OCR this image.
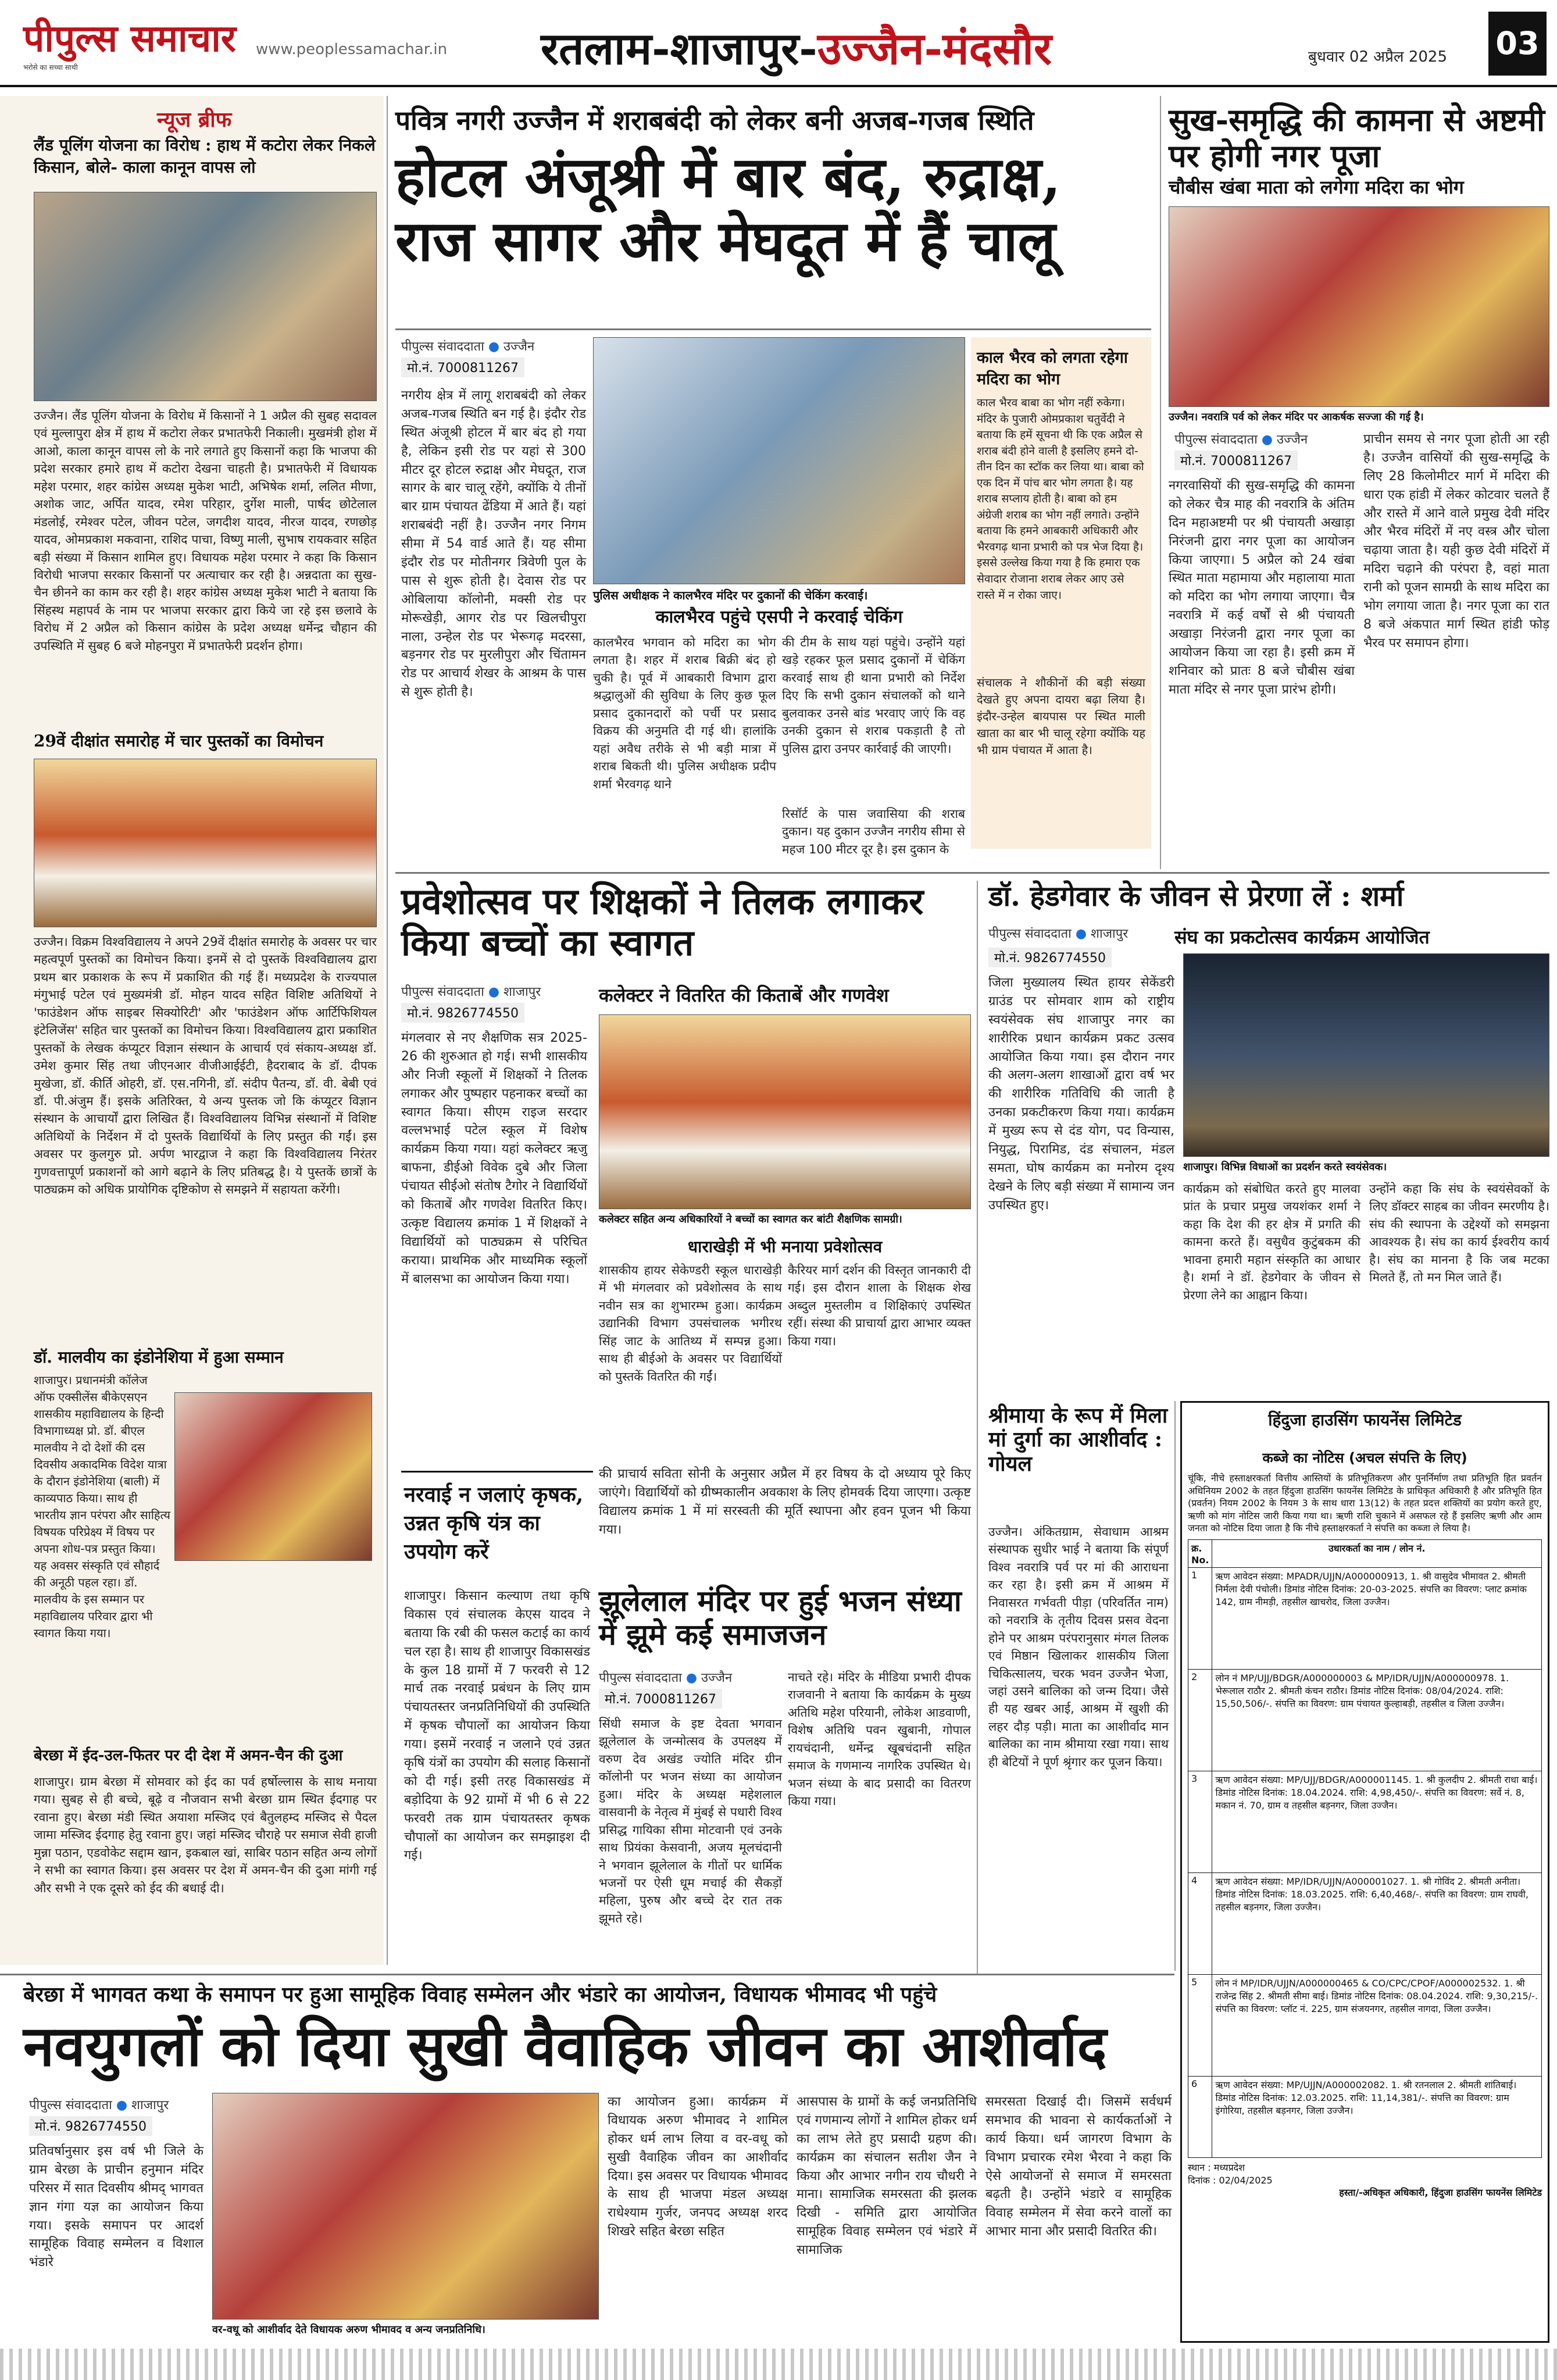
पीपुल्स समाचार
भरोसे का सच्चा साथी
www.peoplessamachar.in रतलाम-शाजापुर-उज्जैन-मंदसौर	बुधवार 02 अप्रैल 2025 03
न्यूज ब्रीफ
लैंड पूलिंग योजना का विरोध : हाथ में कटोरा लेकर निकले किसान, बोले- काला कानून वापस लो
उज्जैन। लैंड पूलिंग योजना के विरोध में किसानों ने 1 अप्रैल की सुबह सदावल एवं मुल्लापुरा क्षेत्र में हाथ में कटोरा लेकर प्रभातफेरी निकाली। मुखमंत्री होश में आओ, काला कानून वापस लो के नारे लगाते हुए किसानों कहा कि भाजपा की प्रदेश सरकार हमारे हाथ में कटोरा देखना चाहती है। प्रभातफेरी में विधायक महेश परमार, शहर कांग्रेस अध्यक्ष मुकेश भाटी, अभिषेक शर्मा, ललित मीणा, अशोक जाट, अर्पित यादव, रमेश परिहार, दुर्गेश माली, पार्षद छोटेलाल मंडलोई, रमेश्वर पटेल, जीवन पटेल, जगदीश यादव, नीरज यादव, रणछोड़ यादव, ओमप्रकाश मकवाना, राशिद पाचा, विष्णु माली, सुभाष रायकवार सहित बड़ी संख्या में किसान शामिल हुए। विधायक महेश परमार ने कहा कि किसान विरोधी भाजपा सरकार किसानों पर अत्याचार कर रही है। अन्नदाता का सुख-चैन छीनने का काम कर रही है। शहर कांग्रेस अध्यक्ष मुकेश भाटी ने बताया कि सिंहस्थ महापर्व के नाम पर भाजपा सरकार द्वारा किये जा रहे इस छलावे के विरोध में 2 अप्रैल को किसान कांग्रेस के प्रदेश अध्यक्ष धर्मेन्द्र चौहान की उपस्थिति में सुबह 6 बजे मोहनपुरा में प्रभातफेरी प्रदर्शन होगा।
29वें दीक्षांत समारोह में चार पुस्तकों का विमोचन
उज्जैन। विक्रम विश्वविद्यालय ने अपने 29वें दीक्षांत समारोह के अवसर पर चार महत्वपूर्ण पुस्तकों का विमोचन किया। इनमें से दो पुस्तकें विश्वविद्यालय द्वारा प्रथम बार प्रकाशक के रूप में प्रकाशित की गई हैं। मध्यप्रदेश के राज्यपाल मंगुभाई पटेल एवं मुख्यमंत्री डॉ. मोहन यादव सहित विशिष्ट अतिथियों ने 'फाउंडेशन ऑफ साइबर सिक्योरिटी' और 'फाउंडेशन ऑफ आर्टिफिशियल इंटेलिजेंस' सहित चार पुस्तकों का विमोचन किया। विश्वविद्यालय द्वारा प्रकाशित पुस्तकों के लेखक कंप्यूटर विज्ञान संस्थान के आचार्य एवं संकाय-अध्यक्ष डॉ. उमेश कुमार सिंह तथा जीएनआर वीजीआईईटी, हैदराबाद के डॉ. दीपक मुखेजा, डॉ. कीर्ति ओहरी, डॉ. एस.नगिनी, डॉ. संदीप पैतन्य, डॉ. वी. बेबी एवं डॉ. पी.अंजुम हैं। इसके अतिरिक्त, ये अन्य पुस्तक जो कि कंप्यूटर विज्ञान संस्थान के आचार्यों द्वारा लिखित हैं। विश्वविद्यालय विभिन्न संस्थानों में विशिष्ट अतिथियों के निर्देशन में दो पुस्तकें विद्यार्थियों के लिए प्रस्तुत की गईं। इस अवसर पर कुलगुरु प्रो. अर्पण भारद्वाज ने कहा कि विश्वविद्यालय निरंतर गुणवत्तापूर्ण प्रकाशनों को आगे बढ़ाने के लिए प्रतिबद्ध है। ये पुस्तकें छात्रों के पाठ्यक्रम को अधिक प्रायोगिक दृष्टिकोण से समझने में सहायता करेंगी।
डॉ. मालवीय का इंडोनेशिया में हुआ सम्मान
शाजापुर। प्रधानमंत्री कॉलेज ऑफ एक्सीलेंस बीकेएसएन शासकीय महाविद्यालय के हिन्दी विभागाध्यक्ष प्रो. डॉ. बीएल मालवीय ने दो देशों की दस दिवसीय अकादमिक विदेश यात्रा के दौरान इंडोनेशिया (बाली) में काव्यपाठ किया। साथ ही भारतीय ज्ञान परंपरा और साहित्य विषयक परिप्रेक्ष्य में विषय पर अपना शोध-पत्र प्रस्तुत किया। यह अवसर संस्कृति एवं सौहार्द की अनूठी पहल रहा। डॉ. मालवीय के इस सम्मान पर महाविद्यालय परिवार द्वारा भी स्वागत किया गया।
बेरछा में ईद-उल-फितर पर दी देश में अमन-चैन की दुआ
शाजापुर। ग्राम बेरछा में सोमवार को ईद का पर्व हर्षोल्लास के साथ मनाया गया। सुबह से ही बच्चे, बूढ़े व नौजवान सभी बेरछा ग्राम स्थित ईदगाह पर रवाना हुए। बेरछा मंडी स्थित अयाशा मस्जिद एवं बैतुलहम्द मस्जिद से पैदल जामा मस्जिद ईदगाह हेतु रवाना हुए। जहां मस्जिद चौराहे पर समाज सेवी हाजी मुन्ना पठान, एडवोकेट सद्दाम खान, इकबाल खां, साबिर पठान सहित अन्य लोगों ने सभी का स्वागत किया। इस अवसर पर देश में अमन-चैन की दुआ मांगी गई और सभी ने एक दूसरे को ईद की बधाई दी।
पवित्र नगरी उज्जैन में शराबबंदी को लेकर बनी अजब-गजब स्थिति
होटल अंजूश्री में बार बंद, रुद्राक्ष, राज सागर और मेघदूत में हैं चालू
पीपुल्स संवाददाता ● उज्जैन
मो.नं. 7000811267
नगरीय क्षेत्र में लागू शराबबंदी को लेकर अजब-गजब स्थिति बन गई है। इंदौर रोड स्थित अंजूश्री होटल में बार बंद हो गया है, लेकिन इसी रोड पर यहां से 300 मीटर दूर होटल रुद्राक्ष और मेघदूत, राज सागर के बार चालू रहेंगे, क्योंकि ये तीनों बार ग्राम पंचायत ढेंडिया में आते हैं। यहां शराबबंदी नहीं है। उज्जैन नगर निगम सीमा में 54 वार्ड आते हैं। यह सीमा इंदौर रोड पर मोतीनगर त्रिवेणी पुल के पास से शुरू होती है। देवास रोड पर ओबिलाया कॉलोनी, मक्सी रोड पर मोरूखेड़ी, आगर रोड पर खिलचीपुरा नाला, उन्हेल रोड पर भेरूगढ़ मदरसा, बड़नगर रोड पर मुरलीपुरा और चिंतामन रोड पर आचार्य शेखर के आश्रम के पास से शुरू होती है।
पुलिस अधीक्षक ने कालभैरव मंदिर पर दुकानों की चेकिंग करवाई।
कालभैरव पहुंचे एसपी ने करवाई चेकिंग
कालभैरव भगवान को मदिरा का भोग लगता है। शहर में शराब बिक्री बंद हो चुकी है। पूर्व में आबकारी विभाग द्वारा श्रद्धालुओं की सुविधा के लिए कुछ फूल प्रसाद दुकानदारों को पर्ची पर प्रसाद विक्रय की अनुमति दी गई थी। हालांकि यहां अवैध तरीके से भी बड़ी मात्रा में शराब बिकती थी। पुलिस अधीक्षक प्रदीप शर्मा भैरवगढ़ थाने
की टीम के साथ यहां पहुंचे। उन्होंने यहां खड़े रहकर फूल प्रसाद दुकानों में चेकिंग करवाई साथ ही थाना प्रभारी को निर्देश दिए कि सभी दुकान संचालकों को थाने बुलवाकर उनसे बांड भरवाए जाएं कि वह उनकी दुकान से शराब पकड़ाती है तो पुलिस द्वारा उनपर कार्रवाई की जाएगी।
रिसॉर्ट के पास जवासिया की शराब दुकान। यह दुकान उज्जैन नगरीय सीमा से महज 100 मीटर दूर है। इस दुकान के
काल भैरव को लगता रहेगा मदिरा का भोग
काल भैरव बाबा का भोग नहीं रुकेगा। मंदिर के पुजारी ओमप्रकाश चतुर्वेदी ने बताया कि हमें सूचना थी कि एक अप्रैल से शराब बंदी होने वाली है इसलिए हमने दो-तीन दिन का स्टॉक कर लिया था। बाबा को एक दिन में पांच बार भोग लगता है। यह शराब सप्लाय होती है। बाबा को हम अंग्रेजी शराब का भोग नहीं लगाते। उन्होंने बताया कि हमने आबकारी अधिकारी और भैरवगढ़ थाना प्रभारी को पत्र भेज दिया है। इससे उल्लेख किया गया है कि हमारा एक सेवादार रोजाना शराब लेकर आए उसे रास्ते में न रोका जाए।
संचालक ने शौकीनों की बड़ी संख्या देखते हुए अपना दायरा बढ़ा लिया है। इंदौर-उन्हेल बायपास पर स्थित माली खाता का बार भी चालू रहेगा क्योंकि यह भी ग्राम पंचायत में आता है।
सुख-समृद्धि की कामना से अष्टमी पर होगी नगर पूजा
चौबीस खंबा माता को लगेगा मदिरा का भोग
उज्जैन। नवरात्रि पर्व को लेकर मंदिर पर आकर्षक सज्जा की गई है।
पीपुल्स संवाददाता ● उज्जैन
मो.नं. 7000811267
नगरवासियों की सुख-समृद्धि की कामना को लेकर चैत्र माह की नवरात्रि के अंतिम दिन महाअष्टमी पर श्री पंचायती अखाड़ा निरंजनी द्वारा नगर पूजा का आयोजन किया जाएगा। 5 अप्रैल को 24 खंबा स्थित माता महामाया और महालाया माता को मदिरा का भोग लगाया जाएगा। चैत्र नवरात्रि में कई वर्षों से श्री पंचायती अखाड़ा निरंजनी द्वारा नगर पूजा का आयोजन किया जा रहा है। इसी क्रम में शनिवार को प्रातः 8 बजे चौबीस खंबा माता मंदिर से नगर पूजा प्रारंभ होगी।
प्राचीन समय से नगर पूजा होती आ रही है। उज्जैन वासियों की सुख-समृद्धि के लिए 28 किलोमीटर मार्ग में मदिरा की धारा एक हांडी में लेकर कोटवार चलते हैं और रास्ते में आने वाले प्रमुख देवी मंदिर और भैरव मंदिरों में नए वस्त्र और चोला चढ़ाया जाता है। यही कुछ देवी मंदिरों में मदिरा चढ़ाने की परंपरा है, वहां माता रानी को पूजन सामग्री के साथ मदिरा का भोग लगाया जाता है। नगर पूजा का रात 8 बजे अंकपात मार्ग स्थित हांडी फोड़ भैरव पर समापन होगा।
प्रवेशोत्सव पर शिक्षकों ने तिलक लगाकर किया बच्चों का स्वागत
पीपुल्स संवाददाता ● शाजापुर	कलेक्टर ने वितरित की किताबें और गणवेश
मो.नं. 9826774550
मंगलवार से नए शैक्षणिक सत्र 2025-26 की शुरुआत हो गई। सभी शासकीय और निजी स्कूलों में शिक्षकों ने तिलक लगाकर और पुष्पहार पहनाकर बच्चों का स्वागत किया। सीएम राइज सरदार वल्लभभाई पटेल स्कूल में विशेष कार्यक्रम किया गया। यहां कलेक्टर ऋजु बाफना, डीईओ विवेक दुबे और जिला पंचायत सीईओ संतोष टैगोर ने विद्यार्थियों को किताबें और गणवेश वितरित किए। उत्कृष्ट विद्यालय क्रमांक 1 में शिक्षकों ने विद्यार्थियों को पाठ्यक्रम से परिचित कराया। प्राथमिक और माध्यमिक स्कूलों में बालसभा का आयोजन किया गया।
कलेक्टर सहित अन्य अधिकारियों ने बच्चों का स्वागत कर बांटी शैक्षणिक सामग्री।
धाराखेड़ी में भी मनाया प्रवेशोत्सव
शासकीय हायर सेकेण्डरी स्कूल धाराखेड़ी में भी मंगलवार को प्रवेशोत्सव के साथ नवीन सत्र का शुभारम्भ हुआ। कार्यक्रम उद्यानिकी विभाग उपसंचालक भगीरथ सिंह जाट के आतिथ्य में सम्पन्न हुआ। साथ ही बीईओ के अवसर पर विद्यार्थियों को पुस्तकें वितरित की गईं।
कैरियर मार्ग दर्शन की विस्तृत जानकारी दी गई। इस दौरान शाला के शिक्षक शेख अब्दुल मुस्तलीम व शिक्षिकाएं उपस्थित रहीं। संस्था की प्राचार्या द्वारा आभार व्यक्त किया गया।
की प्राचार्य सविता सोनी के अनुसार अप्रैल में हर विषय के दो अध्याय पूरे किए जाएंगे। विद्यार्थियों को ग्रीष्मकालीन अवकाश के लिए होमवर्क दिया जाएगा। उत्कृष्ट विद्यालय क्रमांक 1 में मां सरस्वती की मूर्ति स्थापना और हवन पूजन भी किया गया।
नरवाई न जलाएं कृषक, उन्नत कृषि यंत्र का उपयोग करें
शाजापुर। किसान कल्याण तथा कृषि विकास एवं संचालक केएस यादव ने बताया कि रबी की फसल कटाई का कार्य चल रहा है। साथ ही शाजापुर विकासखंड के कुल 18 ग्रामों में 7 फरवरी से 12 मार्च तक नरवाई प्रबंधन के लिए ग्राम पंचायतस्तर जनप्रतिनिधियों की उपस्थिति में कृषक चौपालों का आयोजन किया गया। इसमें नरवाई न जलाने एवं उन्नत कृषि यंत्रों का उपयोग की सलाह किसानों को दी गई। इसी तरह विकासखंड में बड़ोदिया के 92 ग्रामों में भी 6 से 22 फरवरी तक ग्राम पंचायतस्तर कृषक चौपालों का आयोजन कर समझाइश दी गई।
झूलेलाल मंदिर पर हुई भजन संध्या में झूमे कई समाजजन
पीपुल्स संवाददाता ● उज्जैन
मो.नं. 7000811267
सिंधी समाज के इष्ट देवता भगवान झूलेलाल के जन्मोत्सव के उपलक्ष्य में वरुण देव अखंड ज्योति मंदिर ग्रीन कॉलोनी पर भजन संध्या का आयोजन हुआ। मंदिर के अध्यक्ष महेशलाल वासवानी के नेतृत्व में मुंबई से पधारी विश्व प्रसिद्ध गायिका सीमा मोटवानी एवं उनके साथ प्रियंका केसवानी, अजय मूलचंदानी ने भगवान झूलेलाल के गीतों पर धार्मिक भजनों पर ऐसी धूम मचाई की सैकड़ों महिला, पुरुष और बच्चे देर रात तक झूमते रहे।
नाचते रहे। मंदिर के मीडिया प्रभारी दीपक राजवानी ने बताया कि कार्यक्रम के मुख्य अतिथि महेश परियानी, लोकेश आडवाणी, विशेष अतिथि पवन खुबानी, गोपाल रायचंदानी, धर्मेन्द्र खूबचंदानी सहित समाज के गणमान्य नागरिक उपस्थित थे। भजन संध्या के बाद प्रसादी का वितरण किया गया।
डॉ. हेडगेवार के जीवन से प्रेरणा लें : शर्मा
पीपुल्स संवाददाता ● शाजापुर संघ का प्रकटोत्सव कार्यक्रम आयोजित
मो.नं. 9826774550
जिला मुख्यालय स्थित हायर सेकेंडरी ग्राउंड पर सोमवार शाम को राष्ट्रीय स्वयंसेवक संघ शाजापुर नगर का शारीरिक प्रधान कार्यक्रम प्रकट उत्सव आयोजित किया गया। इस दौरान नगर की अलग-अलग शाखाओं द्वारा वर्ष भर की शारीरिक गतिविधि की जाती है उनका प्रकटीकरण किया गया। कार्यक्रम में मुख्य रूप से दंड योग, पद विन्यास, नियुद्ध, पिरामिड, दंड संचालन, मंडल समता, घोष कार्यक्रम का मनोरम दृश्य देखने के लिए बड़ी संख्या में सामान्य जन उपस्थित हुए।
शाजापुर। विभिन्न विधाओं का प्रदर्शन करते स्वयंसेवक।
कार्यक्रम को संबोधित करते हुए मालवा प्रांत के प्रचार प्रमुख जयशंकर शर्मा ने कहा कि देश की हर क्षेत्र में प्रगति की कामना करते हैं। वसुधैव कुटुंबकम की भावना हमारी महान संस्कृति का आधार है। शर्मा ने डॉ. हेडगेवार के जीवन से प्रेरणा लेने का आह्वान किया।
उन्होंने कहा कि संघ के स्वयंसेवकों के लिए डॉक्टर साहब का जीवन स्मरणीय है। संघ की स्थापना के उद्देश्यों को समझना आवश्यक है। संघ का कार्य ईश्वरीय कार्य है। संघ का मानना है कि जब मटका मिलते हैं, तो मन मिल जाते हैं।
श्रीमाया के रूप में मिला मां दुर्गा का आशीर्वाद : गोयल
उज्जैन। अंकितग्राम, सेवाधाम आश्रम संस्थापक सुधीर भाई ने बताया कि संपूर्ण विश्व नवरात्रि पर्व पर मां की आराधना कर रहा है। इसी क्रम में आश्रम में निवासरत गर्भवती पीड़ा (परिवर्तित नाम) को नवरात्रि के तृतीय दिवस प्रसव वेदना होने पर आश्रम परंपरानुसार मंगल तिलक एवं मिष्ठान खिलाकर शासकीय जिला चिकित्सालय, चरक भवन उज्जैन भेजा, जहां उसने बालिका को जन्म दिया। जैसे ही यह खबर आई, आश्रम में खुशी की लहर दौड़ पड़ी। माता का आशीर्वाद मान बालिका का नाम श्रीमाया रखा गया। साथ ही बेटियों ने पूर्ण श्रृंगार कर पूजन किया।
हिंदुजा हाउसिंग फायनेंस लिमिटेड
कब्जे का नोटिस (अचल संपत्ति के लिए)
चूंकि, नीचे हस्ताक्षरकर्ता वित्तीय आस्तियों के प्रतिभूतिकरण और पुनर्निर्माण तथा प्रतिभूति हित प्रवर्तन अधिनियम 2002 के तहत हिंदुजा हाउसिंग फायनेंस लिमिटेड के प्राधिकृत अधिकारी है और प्रतिभूति हित (प्रवर्तन) नियम 2002 के नियम 3 के साथ धारा 13(12) के तहत प्रदत्त शक्तियों का प्रयोग करते हुए, ऋणी को मांग नोटिस जारी किया गया था। ऋणी राशि चुकाने में असफल रहे हैं इसलिए ऋणी और आम जनता को नोटिस दिया जाता है कि नीचे हस्ताक्षरकर्ता ने संपत्ति का कब्जा ले लिया है।
क्र. No.	उधारकर्ता का नाम / लोन नं.
1	ऋण आवेदन संख्या: MPADR/UJJN/A000000913, 1. श्री वासुदेव भीमावत 2. श्रीमती निर्मला देवी पंचोली। डिमांड नोटिस दिनांक: 20-03-2025. संपत्ति का विवरण: प्लाट क्रमांक 142, ग्राम नीमड़ी, तहसील खाचरोद, जिला उज्जैन।
2	लोन नं MP/UJJ/BDGR/A000000003 & MP/IDR/UJJN/A000000978. 1. भेरूलाल राठौर 2. श्रीमती कंचन राठौर। डिमांड नोटिस दिनांक: 08/04/2024. राशि: 15,50,506/-. संपत्ति का विवरण: ग्राम पंचायत कुल्हाबड़ी, तहसील व जिला उज्जैन।
3	ऋण आवेदन संख्या: MP/UJJ/BDGR/A000001145. 1. श्री कुलदीप 2. श्रीमती राधा बाई। डिमांड नोटिस दिनांक: 18.04.2024. राशि: 4,98,450/-. संपत्ति का विवरण: सर्वे नं. 8, मकान नं. 70, ग्राम व तहसील बड़नगर, जिला उज्जैन।
4	ऋण आवेदन संख्या: MP/IDR/UJJN/A000001027. 1. श्री गोविंद 2. श्रीमती अनीता। डिमांड नोटिस दिनांक: 18.03.2025. राशि: 6,40,468/-. संपत्ति का विवरण: ग्राम राघवी, तहसील बड़नगर, जिला उज्जैन।
5	लोन नं MP/IDR/UJJN/A000000465 & CO/CPC/CPOF/A000002532. 1. श्री राजेन्द्र सिंह 2. श्रीमती सीमा बाई। डिमांड नोटिस दिनांक: 08.04.2024. राशि: 9,30,215/-. संपत्ति का विवरण: प्लॉट नं. 225, ग्राम संजयनगर, तहसील नागदा, जिला उज्जैन।
6	ऋण आवेदन संख्या: MP/UJJN/A000002082. 1. श्री रतनलाल 2. श्रीमती शांतिबाई। डिमांड नोटिस दिनांक: 12.03.2025. राशि: 11,14,381/-. संपत्ति का विवरण: ग्राम इंगोरिया, तहसील बड़नगर, जिला उज्जैन।
स्थान : मध्यप्रदेश
दिनांक : 02/04/2025
हस्ता/-अधिकृत अधिकारी, हिंदुजा हाउसिंग फायनेंस लिमिटेड
बेरछा में भागवत कथा के समापन पर हुआ सामूहिक विवाह सम्मेलन और भंडारे का आयोजन, विधायक भीमावद भी पहुंचे
नवयुगलों को दिया सुखी वैवाहिक जीवन का आशीर्वाद
पीपुल्स संवाददाता ● शाजापुर
मो.नं. 9826774550
प्रतिवर्षानुसार इस वर्ष भी जिले के ग्राम बेरछा के प्राचीन हनुमान मंदिर परिसर में सात दिवसीय श्रीमद् भागवत ज्ञान गंगा यज्ञ का आयोजन किया गया। इसके समापन पर आदर्श सामूहिक विवाह सम्मेलन व विशाल भंडारे
वर-वधू को आशीर्वाद देते विधायक अरुण भीमावद व अन्य जनप्रतिनिधि।
का आयोजन हुआ। कार्यक्रम में विधायक अरुण भीमावद ने शामिल होकर धर्म लाभ लिया व वर-वधू को सुखी वैवाहिक जीवन का आशीर्वाद दिया। इस अवसर पर विधायक भीमावद के साथ ही भाजपा मंडल अध्यक्ष राधेश्याम गुर्जर, जनपद अध्यक्ष शरद शिखरे सहित बेरछा सहित
आसपास के ग्रामों के कई जनप्रतिनिधि एवं गणमान्य लोगों ने शामिल होकर धर्म का लाभ लेते हुए प्रसादी ग्रहण की। कार्यक्रम का संचालन सतीश जैन ने किया और आभार नगीन राय चौधरी ने माना। सामाजिक समरसता की झलक दिखी - समिति द्वारा आयोजित सामूहिक विवाह सम्मेलन एवं भंडारे में सामाजिक
समरसता दिखाई दी। जिसमें सर्वधर्म समभाव की भावना से कार्यकर्ताओं ने कार्य किया। धर्म जागरण विभाग के विभाग प्रचारक रमेश भैरवा ने कहा कि ऐसे आयोजनों से समाज में समरसता बढ़ती है। उन्होंने भंडारे व सामूहिक विवाह सम्मेलन में सेवा करने वालों का आभार माना और प्रसादी वितरित की।
